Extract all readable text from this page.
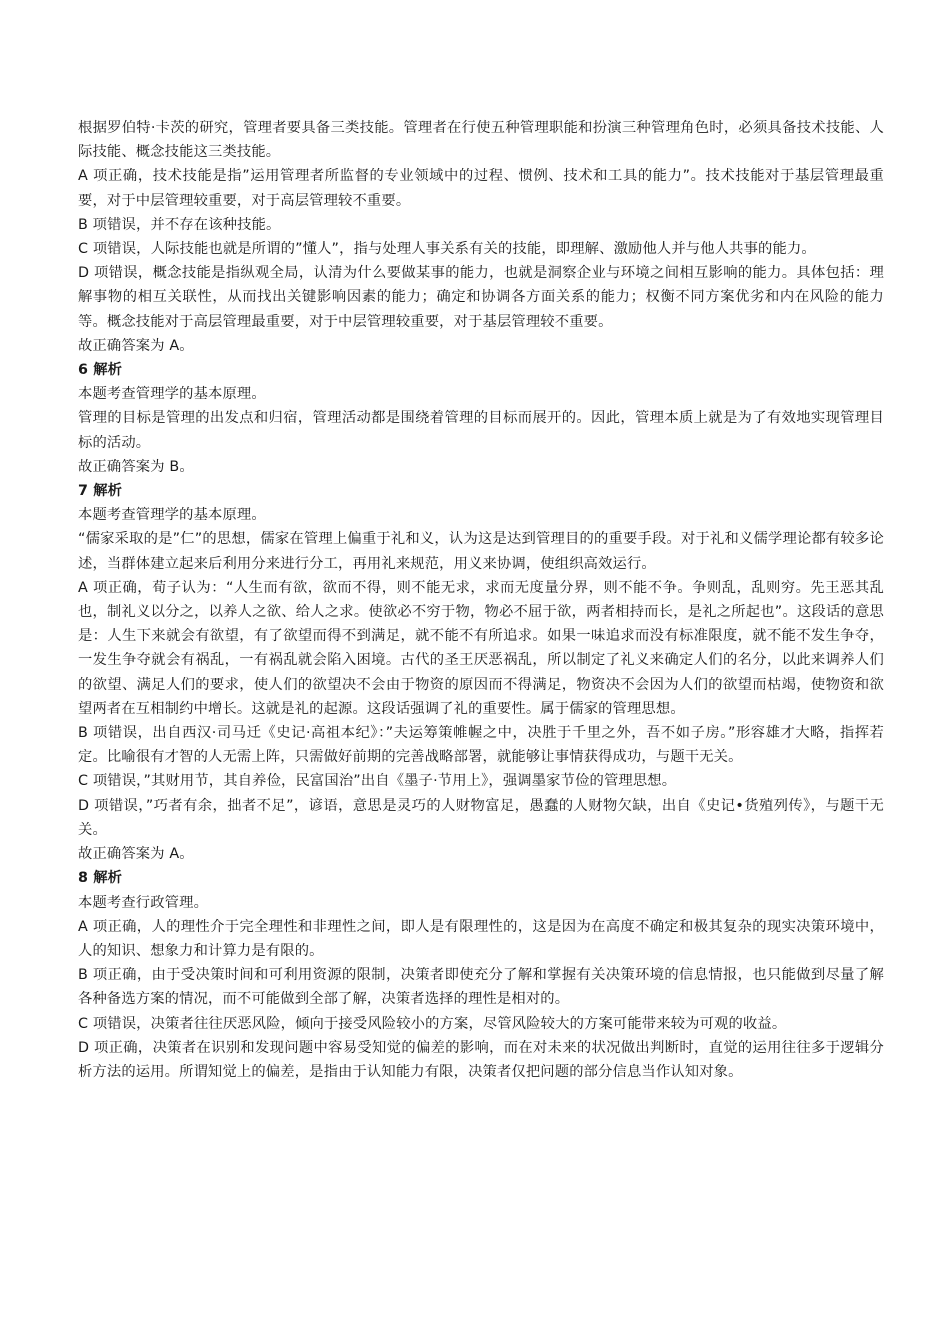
根据罗伯特·卡茨的研究，管理者要具备三类技能。管理者在行使五种管理职能和扮演三种管理角色时，必须具备技术技能、人际技能、概念技能这三类技能。

A 项正确，技术技能是指”运用管理者所监督的专业领域中的过程、惯例、技术和工具的能力”。技术技能对于基层管理最重要，对于中层管理较重要，对于高层管理较不重要。

B 项错误，并不存在该种技能。

C 项错误，人际技能也就是所谓的”懂人”，指与处理人事关系有关的技能，即理解、激励他人并与他人共事的能力。

D 项错误，概念技能是指纵观全局，认清为什么要做某事的能力，也就是洞察企业与环境之间相互影响的能力。具体包括：理解事物的相互关联性，从而找出关键影响因素的能力；确定和协调各方面关系的能力；权衡不同方案优劣和内在风险的能力等。概念技能对于高层管理最重要，对于中层管理较重要，对于基层管理较不重要。

故正确答案为 A。

6 解析

本题考查管理学的基本原理。

管理的目标是管理的出发点和归宿，管理活动都是围绕着管理的目标而展开的。因此，管理本质上就是为了有效地实现管理目标的活动。

故正确答案为 B。

7 解析

本题考查管理学的基本原理。

“儒家采取的是”仁”的思想，儒家在管理上偏重于礼和义，认为这是达到管理目的的重要手段。对于礼和义儒学理论都有较多论述，当群体建立起来后利用分来进行分工，再用礼来规范，用义来协调，使组织高效运行。

A 项正确，荀子认为：“人生而有欲，欲而不得，则不能无求，求而无度量分界，则不能不争。争则乱，乱则穷。先王恶其乱也，制礼义以分之，以养人之欲、给人之求。使欲必不穷于物，物必不屈于欲，两者相持而长，是礼之所起也”。这段话的意思是：人生下来就会有欲望，有了欲望而得不到满足，就不能不有所追求。如果一味追求而没有标准限度，就不能不发生争夺，一发生争夺就会有祸乱，一有祸乱就会陷入困境。古代的圣王厌恶祸乱，所以制定了礼义来确定人们的名分，以此来调养人们的欲望、满足人们的要求，使人们的欲望决不会由于物资的原因而不得满足，物资决不会因为人们的欲望而枯竭，使物资和欲望两者在互相制约中增长。这就是礼的起源。这段话强调了礼的重要性。属于儒家的管理思想。

B 项错误，出自西汉·司马迁《史记·高祖本纪》：”夫运筹策帷幄之中，决胜于千里之外，吾不如子房。”形容雄才大略，指挥若定。比喻很有才智的人无需上阵，只需做好前期的完善战略部署，就能够让事情获得成功，与题干无关。

C 项错误，”其财用节，其自养俭，民富国治”出自《墨子·节用上》，强调墨家节俭的管理思想。

D 项错误，”巧者有余，拙者不足”，谚语，意思是灵巧的人财物富足，愚蠢的人财物欠缺，出自《史记•货殖列传》，与题干无关。

故正确答案为 A。

8 解析

本题考查行政管理。

A 项正确，人的理性介于完全理性和非理性之间，即人是有限理性的，这是因为在高度不确定和极其复杂的现实决策环境中，人的知识、想象力和计算力是有限的。

B 项正确，由于受决策时间和可利用资源的限制，决策者即使充分了解和掌握有关决策环境的信息情报，也只能做到尽量了解各种备选方案的情况，而不可能做到全部了解，决策者选择的理性是相对的。

C 项错误，决策者往往厌恶风险，倾向于接受风险较小的方案，尽管风险较大的方案可能带来较为可观的收益。

D 项正确，决策者在识别和发现问题中容易受知觉的偏差的影响，而在对未来的状况做出判断时，直觉的运用往往多于逻辑分析方法的运用。所谓知觉上的偏差，是指由于认知能力有限，决策者仅把问题的部分信息当作认知对象。
